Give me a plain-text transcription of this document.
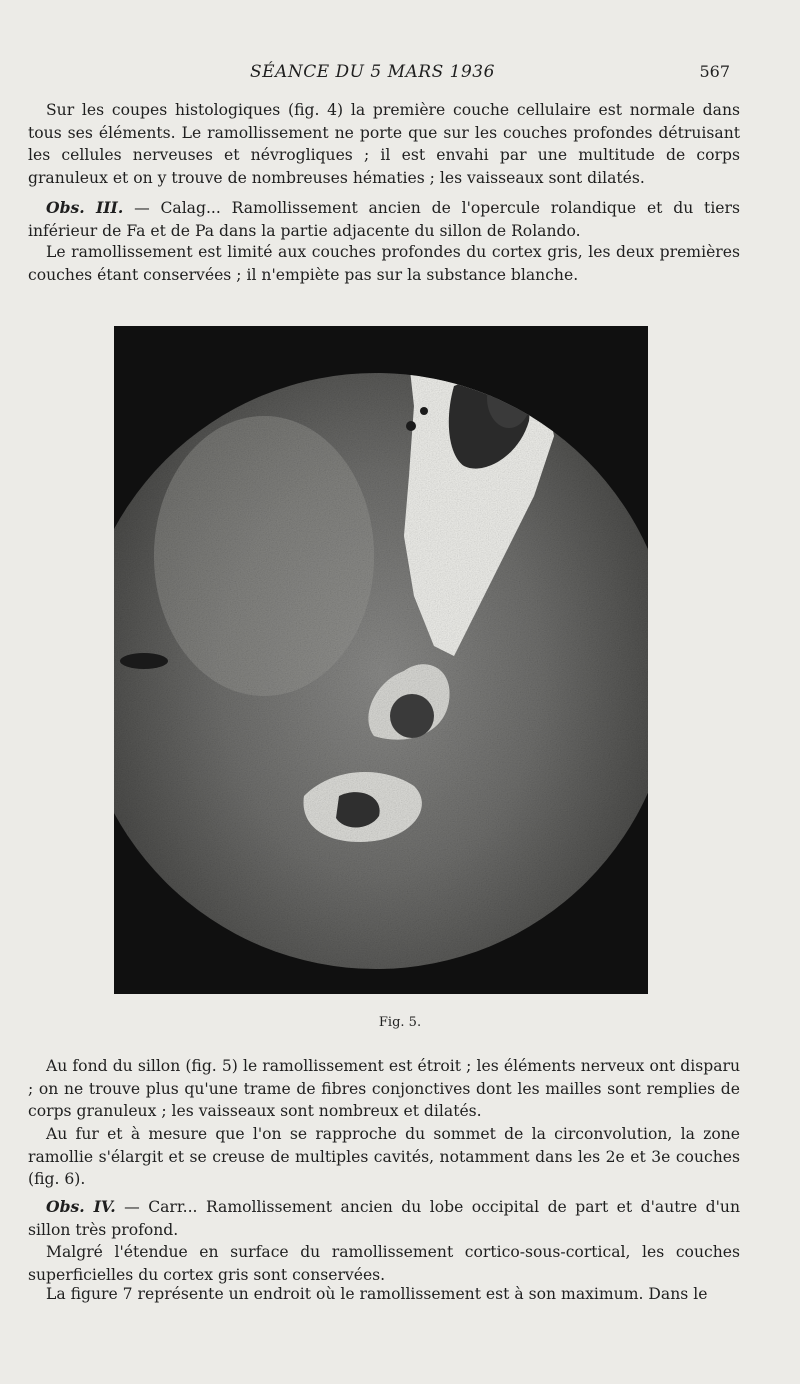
SÉANCE DU 5 MARS 1936	567

Sur les coupes histologiques (fig. 4) la première couche cellulaire est normale dans tous ses éléments. Le ramollissement ne porte que sur les couches profondes détruisant les cellules nerveuses et névrogliques ; il est envahi par une multitude de corps granuleux et on y trouve de nombreuses hématies ; les vaisseaux sont dilatés.

Obs. III. — Calag... Ramollissement ancien de l'opercule rolandique et du tiers inférieur de Fa et de Pa dans la partie adjacente du sillon de Rolando.

Le ramollissement est limité aux couches profondes du cortex gris, les deux premières couches étant conservées ; il n'empiète pas sur la substance blanche.

Fig. 5.

Au fond du sillon (fig. 5) le ramollissement est étroit ; les éléments nerveux ont disparu ; on ne trouve plus qu'une trame de fibres conjonctives dont les mailles sont remplies de corps granuleux ; les vaisseaux sont nombreux et dilatés.

Au fur et à mesure que l'on se rapproche du sommet de la circonvolution, la zone ramollie s'élargit et se creuse de multiples cavités, notamment dans les 2e et 3e couches (fig. 6).

Obs. IV. — Carr... Ramollissement ancien du lobe occipital de part et d'autre d'un sillon très profond.

Malgré l'étendue en surface du ramollissement cortico-sous-cortical, les couches superficielles du cortex gris sont conservées.

La figure 7 représente un endroit où le ramollissement est à son maximum. Dans le
